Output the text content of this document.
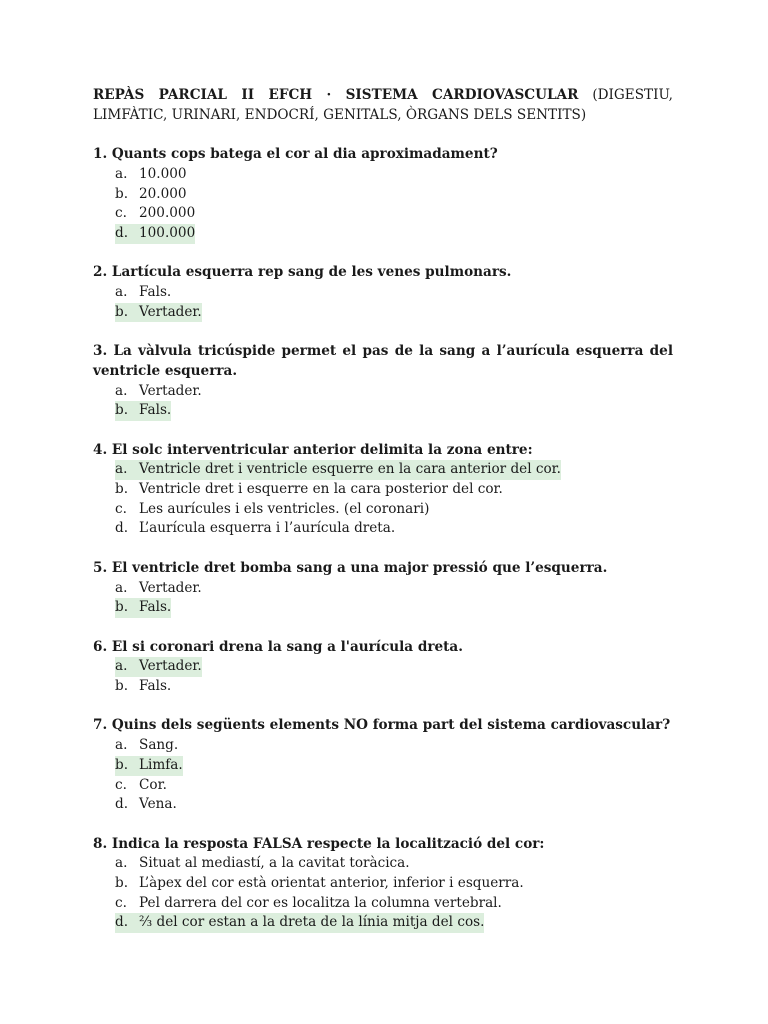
REPÀS PARCIAL II EFCH · SISTEMA CARDIOVASCULAR (DIGESTIU, LIMFÀTIC, URINARI, ENDOCRÍ, GENITALS, ÒRGANS DELS SENTITS)
1. Quants cops batega el cor al dia aproximadament?
a. 10.000
b. 20.000
c. 200.000
d. 100.000
2. Lartícula esquerra rep sang de les venes pulmonars.
a. Fals.
b. Vertader.
3. La vàlvula tricúspide permet el pas de la sang a l’aurícula esquerra del ventricle esquerra.
a. Vertader.
b. Fals.
4. El solc interventricular anterior delimita la zona entre:
a. Ventricle dret i ventricle esquerre en la cara anterior del cor.
b. Ventricle dret i esquerre en la cara posterior del cor.
c. Les aurícules i els ventricles. (el coronari)
d. L’aurícula esquerra i l’aurícula dreta.
5. El ventricle dret bomba sang a una major pressió que l’esquerra.
a. Vertader.
b. Fals.
6. El si coronari drena la sang a l'aurícula dreta.
a. Vertader.
b. Fals.
7. Quins dels següents elements NO forma part del sistema cardiovascular?
a. Sang.
b. Limfa.
c. Cor.
d. Vena.
8. Indica la resposta FALSA respecte la localització del cor:
a. Situat al mediastí, a la cavitat toràcica.
b. L’àpex del cor està orientat anterior, inferior i esquerra.
c. Pel darrera del cor es localitza la columna vertebral.
d. ⅔ del cor estan a la dreta de la línia mitja del cos.
